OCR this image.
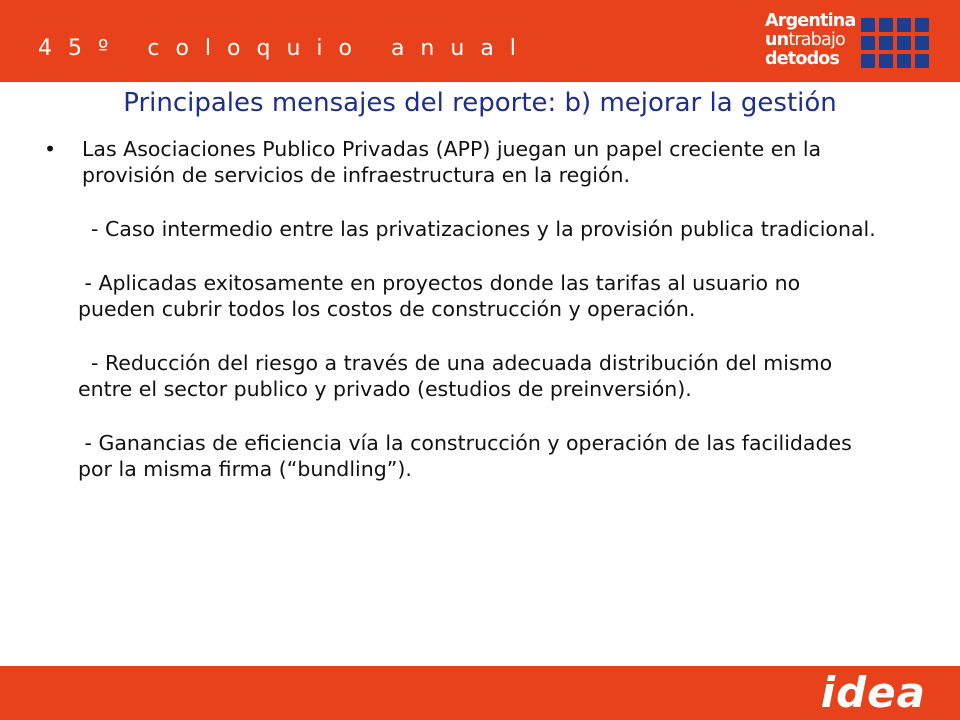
45º coloquio anual
Argentina
untrabajo
detodos
Principales mensajes del reporte: b) mejorar la gestión
•	Las Asociaciones Publico Privadas (APP) juegan un papel creciente en la provisión de servicios de infraestructura en la región.
- Caso intermedio entre las privatizaciones y la provisión publica tradicional.
- Aplicadas exitosamente en proyectos donde las tarifas al usuario no pueden cubrir todos los costos de construcción y operación.
- Reducción del riesgo a través de una adecuada distribución del mismo entre el sector publico y privado (estudios de preinversión).
- Ganancias de eficiencia vía la construcción y operación de las facilidades por la misma firma (“bundling”).
idea
